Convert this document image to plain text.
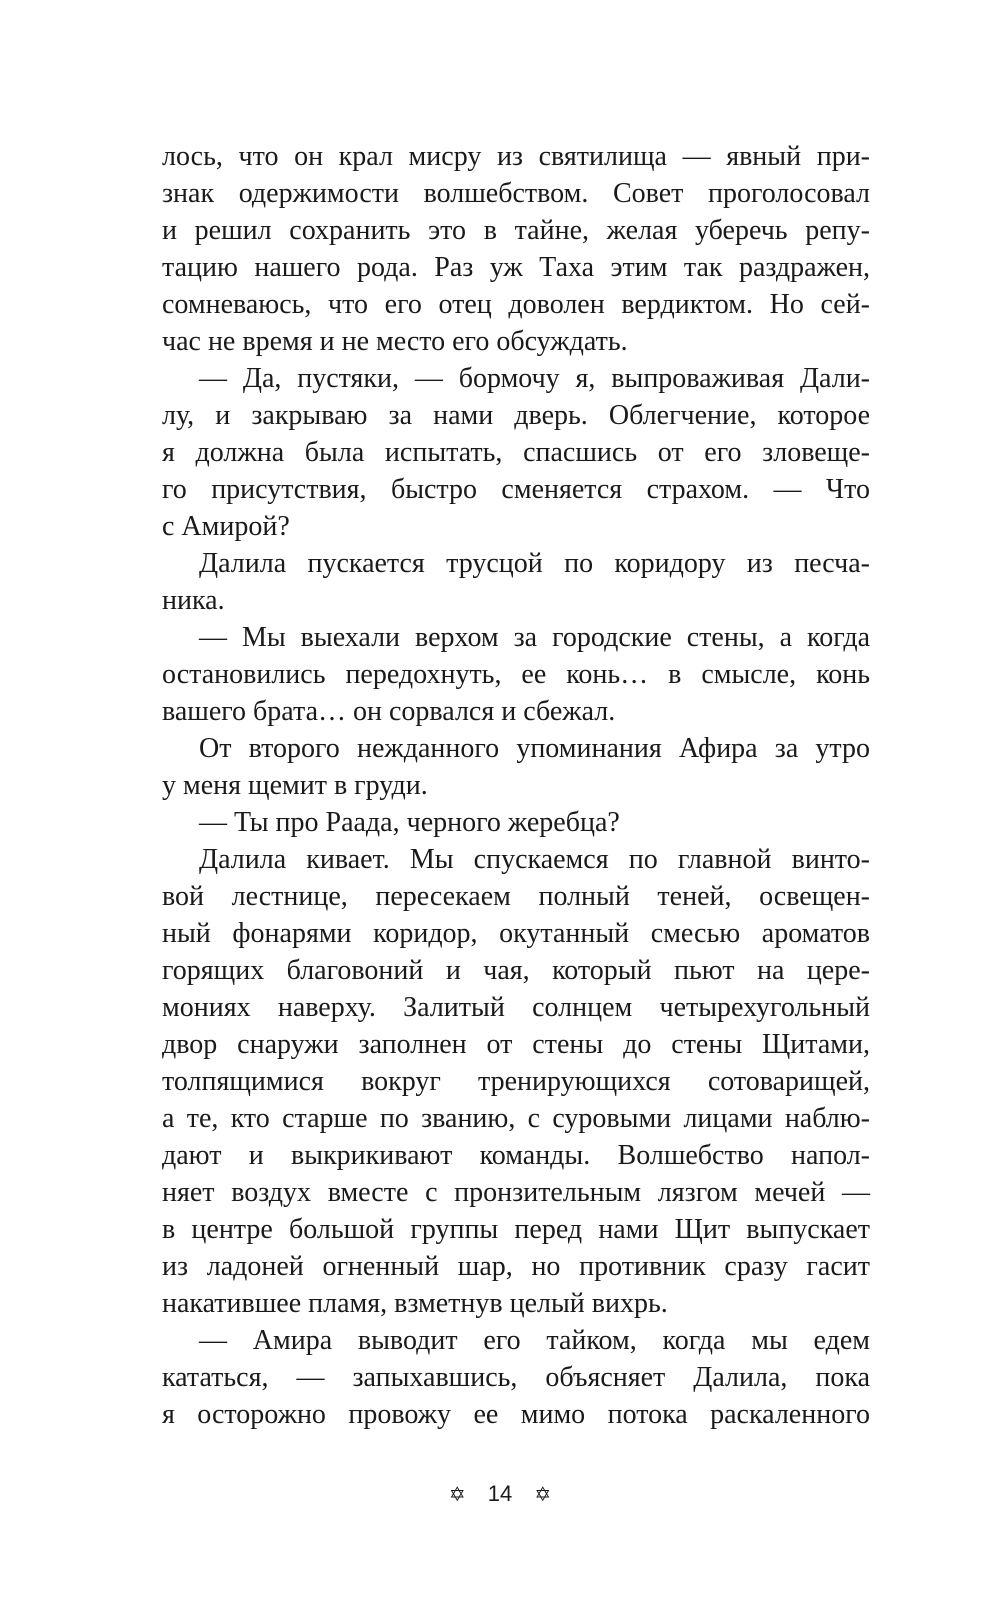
лось, что он крал мисру из святилища — явный при-
знак одержимости волшебством. Совет проголосовал
и решил сохранить это в тайне, желая уберечь репу-
тацию нашего рода. Раз уж Таха этим так раздражен,
сомневаюсь, что его отец доволен вердиктом. Но сей-
час не время и не место его обсуждать.
— Да, пустяки, — бормочу я, выпроваживая Дали-
лу, и закрываю за нами дверь. Облегчение, которое
я должна была испытать, спасшись от его зловеще-
го присутствия, быстро сменяется страхом. — Что
с Амирой?
Далила пускается трусцой по коридору из песча-
ника.
— Мы выехали верхом за городские стены, а когда
остановились передохнуть, ее конь… в смысле, конь
вашего брата… он сорвался и сбежал.
От второго нежданного упоминания Афира за утро
у меня щемит в груди.
— Ты про Раада, черного жеребца?
Далила кивает. Мы спускаемся по главной винто-
вой лестнице, пересекаем полный теней, освещен-
ный фонарями коридор, окутанный смесью ароматов
горящих благовоний и чая, который пьют на цере-
мониях наверху. Залитый солнцем четырехугольный
двор снаружи заполнен от стены до стены Щитами,
толпящимися вокруг тренирующихся сотоварищей,
а те, кто старше по званию, с суровыми лицами наблю-
дают и выкрикивают команды. Волшебство напол-
няет воздух вместе с пронзительным лязгом мечей —
в центре большой группы перед нами Щит выпускает
из ладоней огненный шар, но противник сразу гасит
накатившее пламя, взметнув целый вихрь.
— Амира выводит его тайком, когда мы едем
кататься, — запыхавшись, объясняет Далила, пока
я осторожно провожу ее мимо потока раскаленного
✡ 14 ✡
